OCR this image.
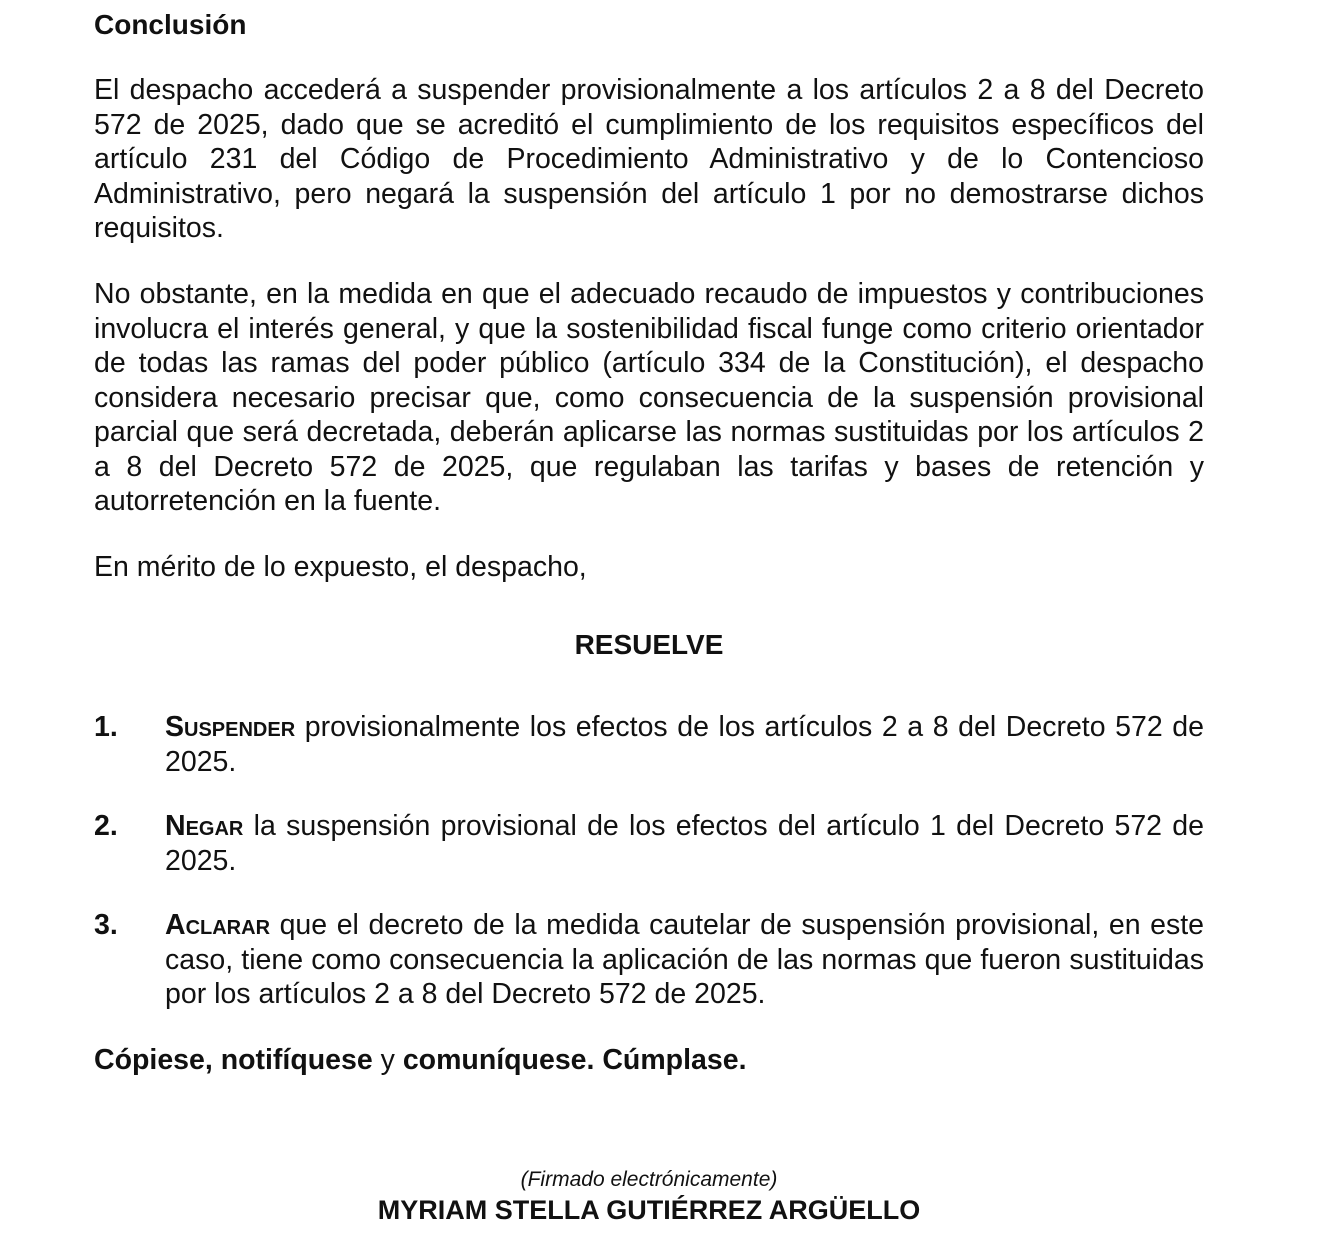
Conclusión

El despacho accederá a suspender provisionalmente a los artículos 2 a 8 del Decreto 572 de 2025, dado que se acreditó el cumplimiento de los requisitos específicos del artículo 231 del Código de Procedimiento Administrativo y de lo Contencioso Administrativo, pero negará la suspensión del artículo 1 por no demostrarse dichos requisitos.

No obstante, en la medida en que el adecuado recaudo de impuestos y contribuciones involucra el interés general, y que la sostenibilidad fiscal funge como criterio orientador de todas las ramas del poder público (artículo 334 de la Constitución), el despacho considera necesario precisar que, como consecuencia de la suspensión provisional parcial que será decretada, deberán aplicarse las normas sustituidas por los artículos 2 a 8 del Decreto 572 de 2025, que regulaban las tarifas y bases de retención y autorretención en la fuente.

En mérito de lo expuesto, el despacho,

RESUELVE
1. Suspender provisionalmente los efectos de los artículos 2 a 8 del Decreto 572 de 2025.

2. Negar la suspensión provisional de los efectos del artículo 1 del Decreto 572 de 2025.

3. Aclarar que el decreto de la medida cautelar de suspensión provisional, en este caso, tiene como consecuencia la aplicación de las normas que fueron sustituidas por los artículos 2 a 8 del Decreto 572 de 2025.

Cópiese, notifíquese y comuníquese. Cúmplase.
(Firmado electrónicamente)
MYRIAM STELLA GUTIÉRREZ ARGÜELLO
